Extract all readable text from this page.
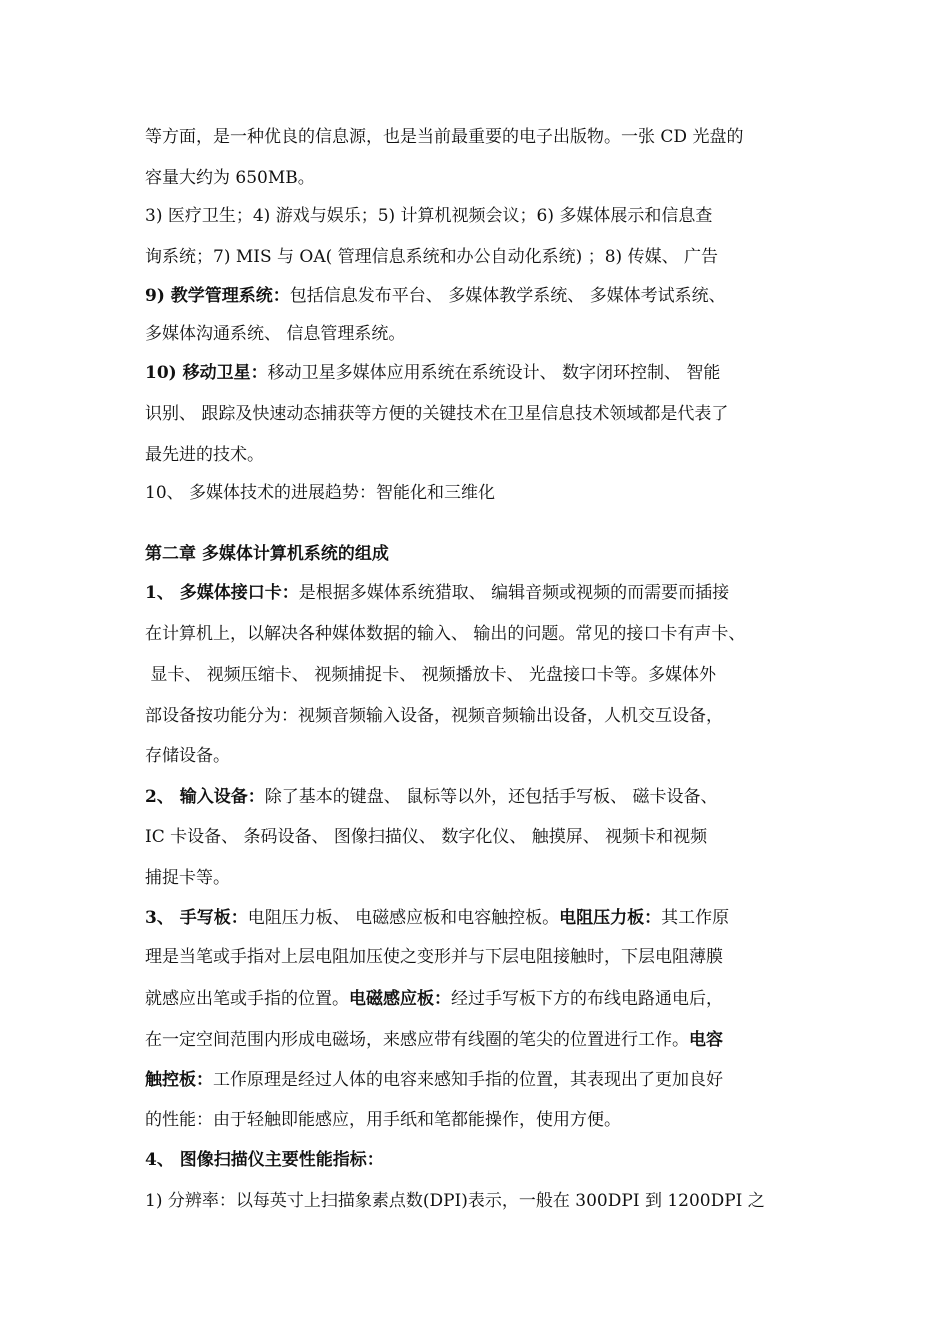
等方面，是一种优良的信息源，也是当前最重要的电子出版物。一张 CD 光盘的
容量大约为 650MB。
3) 医疗卫生；4) 游戏与娱乐；5) 计算机视频会议；6) 多媒体展示和信息查
询系统；7) MIS 与 OA( 管理信息系统和办公自动化系统) ；8) 传媒、 广告
9) 教学管理系统：包括信息发布平台、 多媒体教学系统、 多媒体考试系统、
多媒体沟通系统、 信息管理系统。
10) 移动卫星：移动卫星多媒体应用系统在系统设计、 数字闭环控制、 智能
识别、 跟踪及快速动态捕获等方便的关键技术在卫星信息技术领域都是代表了
最先进的技术。
10、 多媒体技术的进展趋势：智能化和三维化
第二章 多媒体计算机系统的组成
1、 多媒体接口卡：是根据多媒体系统猎取、 编辑音频或视频的而需要而插接
在计算机上，以解决各种媒体数据的输入、 输出的问题。常见的接口卡有声卡、
显卡、 视频压缩卡、 视频捕捉卡、 视频播放卡、 光盘接口卡等。多媒体外
部设备按功能分为：视频音频输入设备，视频音频输出设备，人机交互设备，
存储设备。
2、 输入设备：除了基本的键盘、 鼠标等以外，还包括手写板、 磁卡设备、
IC 卡设备、 条码设备、 图像扫描仪、 数字化仪、 触摸屏、 视频卡和视频
捕捉卡等。
3、 手写板：电阻压力板、 电磁感应板和电容触控板。电阻压力板：其工作原
理是当笔或手指对上层电阻加压使之变形并与下层电阻接触时，下层电阻薄膜
就感应出笔或手指的位置。电磁感应板：经过手写板下方的布线电路通电后，
在一定空间范围内形成电磁场，来感应带有线圈的笔尖的位置进行工作。电容
触控板：工作原理是经过人体的电容来感知手指的位置，其表现出了更加良好
的性能：由于轻触即能感应，用手纸和笔都能操作，使用方便。
4、 图像扫描仪主要性能指标：
1) 分辨率：以每英寸上扫描象素点数(DPI)表示，一般在 300DPI 到 1200DPI 之
